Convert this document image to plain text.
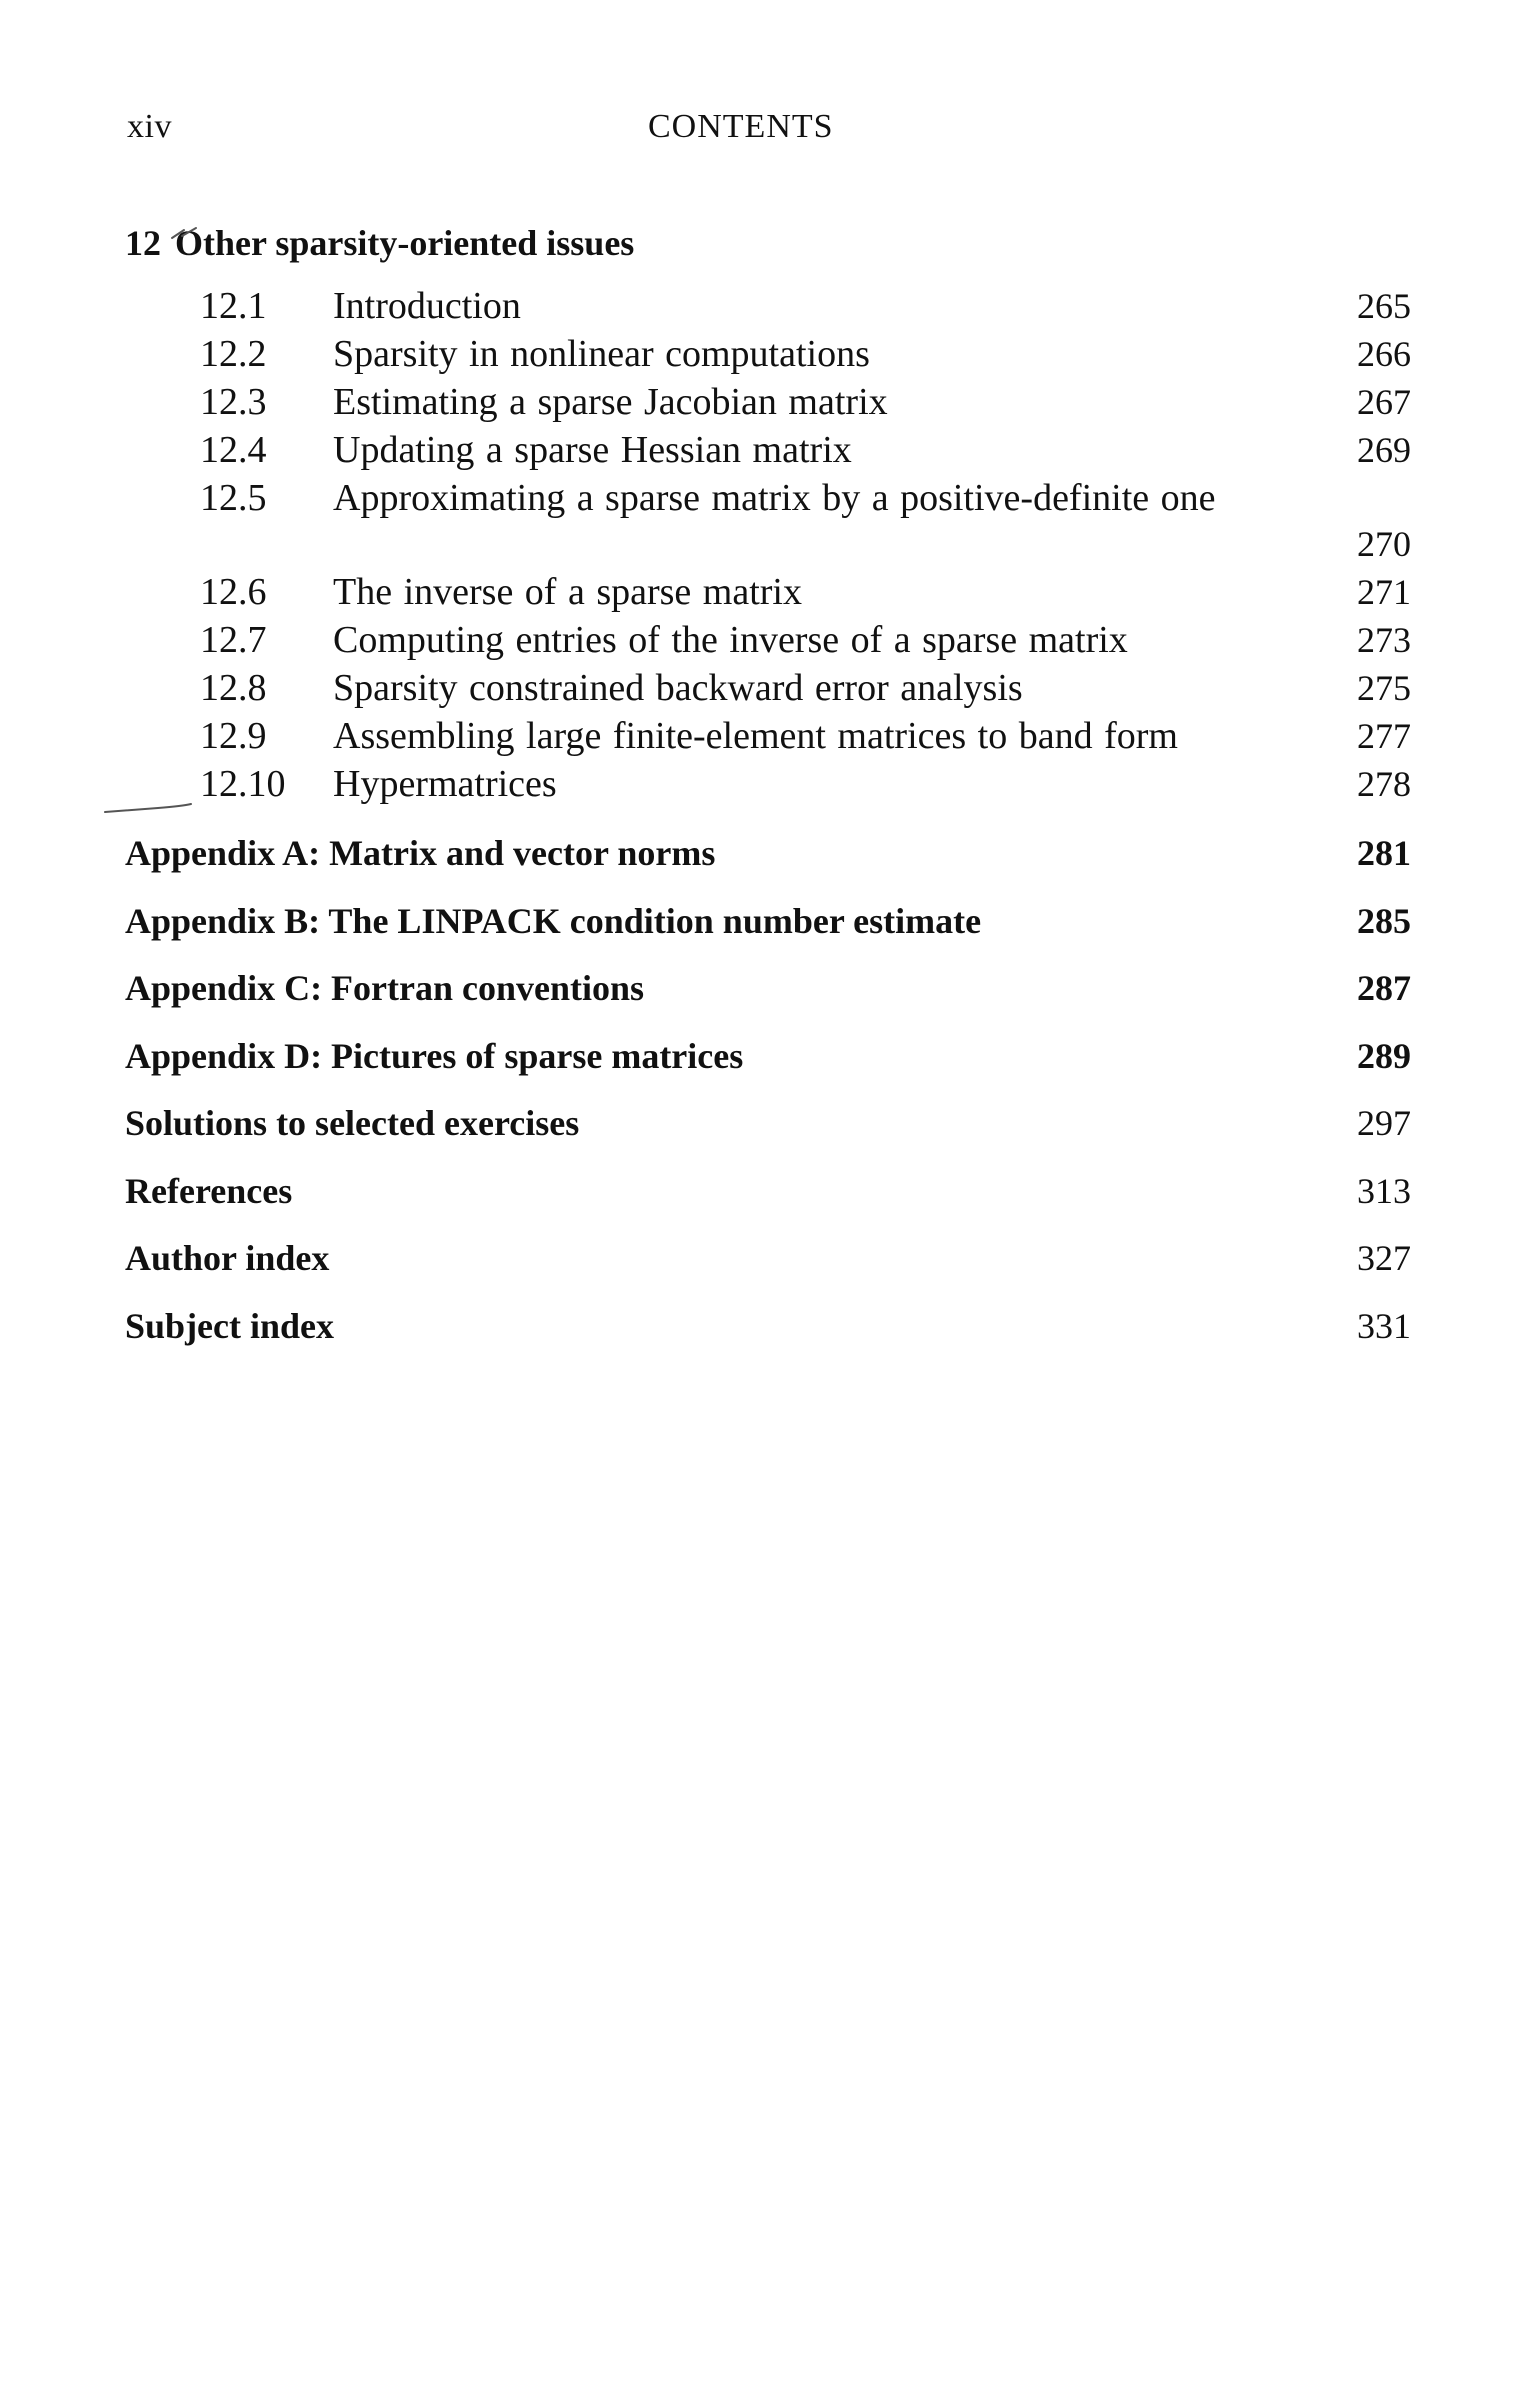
xiv	CONTENTS
12 Other sparsity-oriented issues
12.1 Introduction	265
12.2 Sparsity in nonlinear computations	266
12.3 Estimating a sparse Jacobian matrix	267
12.4 Updating a sparse Hessian matrix	269
12.5 Approximating a sparse matrix by a positive-definite one
270
12.6 The inverse of a sparse matrix	271
12.7 Computing entries of the inverse of a sparse matrix	273
12.8 Sparsity constrained backward error analysis	275
12.9 Assembling large finite-element matrices to band form	277
12.10 Hypermatrices	278
Appendix A: Matrix and vector norms	281
Appendix B: The LINPACK condition number estimate	285
Appendix C: Fortran conventions	287
Appendix D: Pictures of sparse matrices	289
Solutions to selected exercises	297
References	313
Author index	327
Subject index	331
